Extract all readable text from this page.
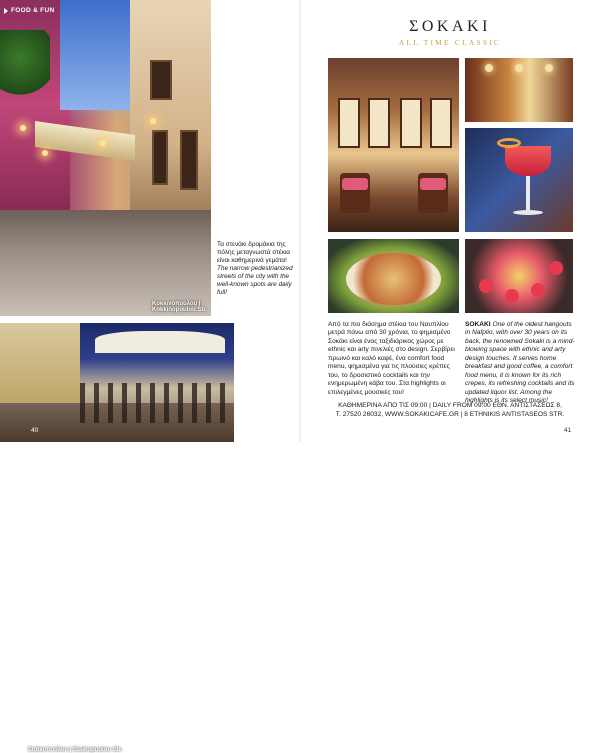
FOOD & FUN
Κοκκινοπούλου | Kokkinopoulou Str.
Τα στενάκι δρομάκια της πόλης μεταγνωστά στέκια είναι καθημερινά γεμάτα!
The narrow pedestrianized streets of the city with the well-known spots are daily full!
Σταϊκοπούλου | Staikopoulou Str.
40
ΣΟΚΑΚΙ
ALL TIME CLASSIC
Από τα πιο διάσημα στέκια του Ναυπλίου μετρά πάνω από 30 χρόνια, το φημισμένο Σοκάκι είναι ένας ταξιδιάρικος χώρος με ethnic και arty πινελιές στο design. Σερβίρει πρωινό και καλό καφέ, ένα comfort food menu, φημισμένα για τις πλούσιες κρέπες του, το δροσιστικό cocktails και την ενημερωμένη κάβα του. Στα highlights οι επιλεγμένες μουσικές του!
SOKAKI One of the oldest hangouts in Nafplio, with over 30 years on its back, the renowned Sokaki is a mind-blowing space with ethnic and arty design touches. It serves home breakfast and good coffee, a comfort food menu, it is known for its rich crepes, its refreshing cocktails and its updated liquor list. Among the highlights is its select music!
ΚΑΘΗΜΕΡΙΝΑ ΑΠΟ ΤΙΣ 09:00 | DAILY FROM 09:00 ΕΘΝ. ΑΝΤΙΣΤΑΣΕΩΣ 8,
Τ. 27520 26032, WWW.SOKAKICAFE.GR | 8 ETHNIKIS ANTISTASEOS STR.
41
